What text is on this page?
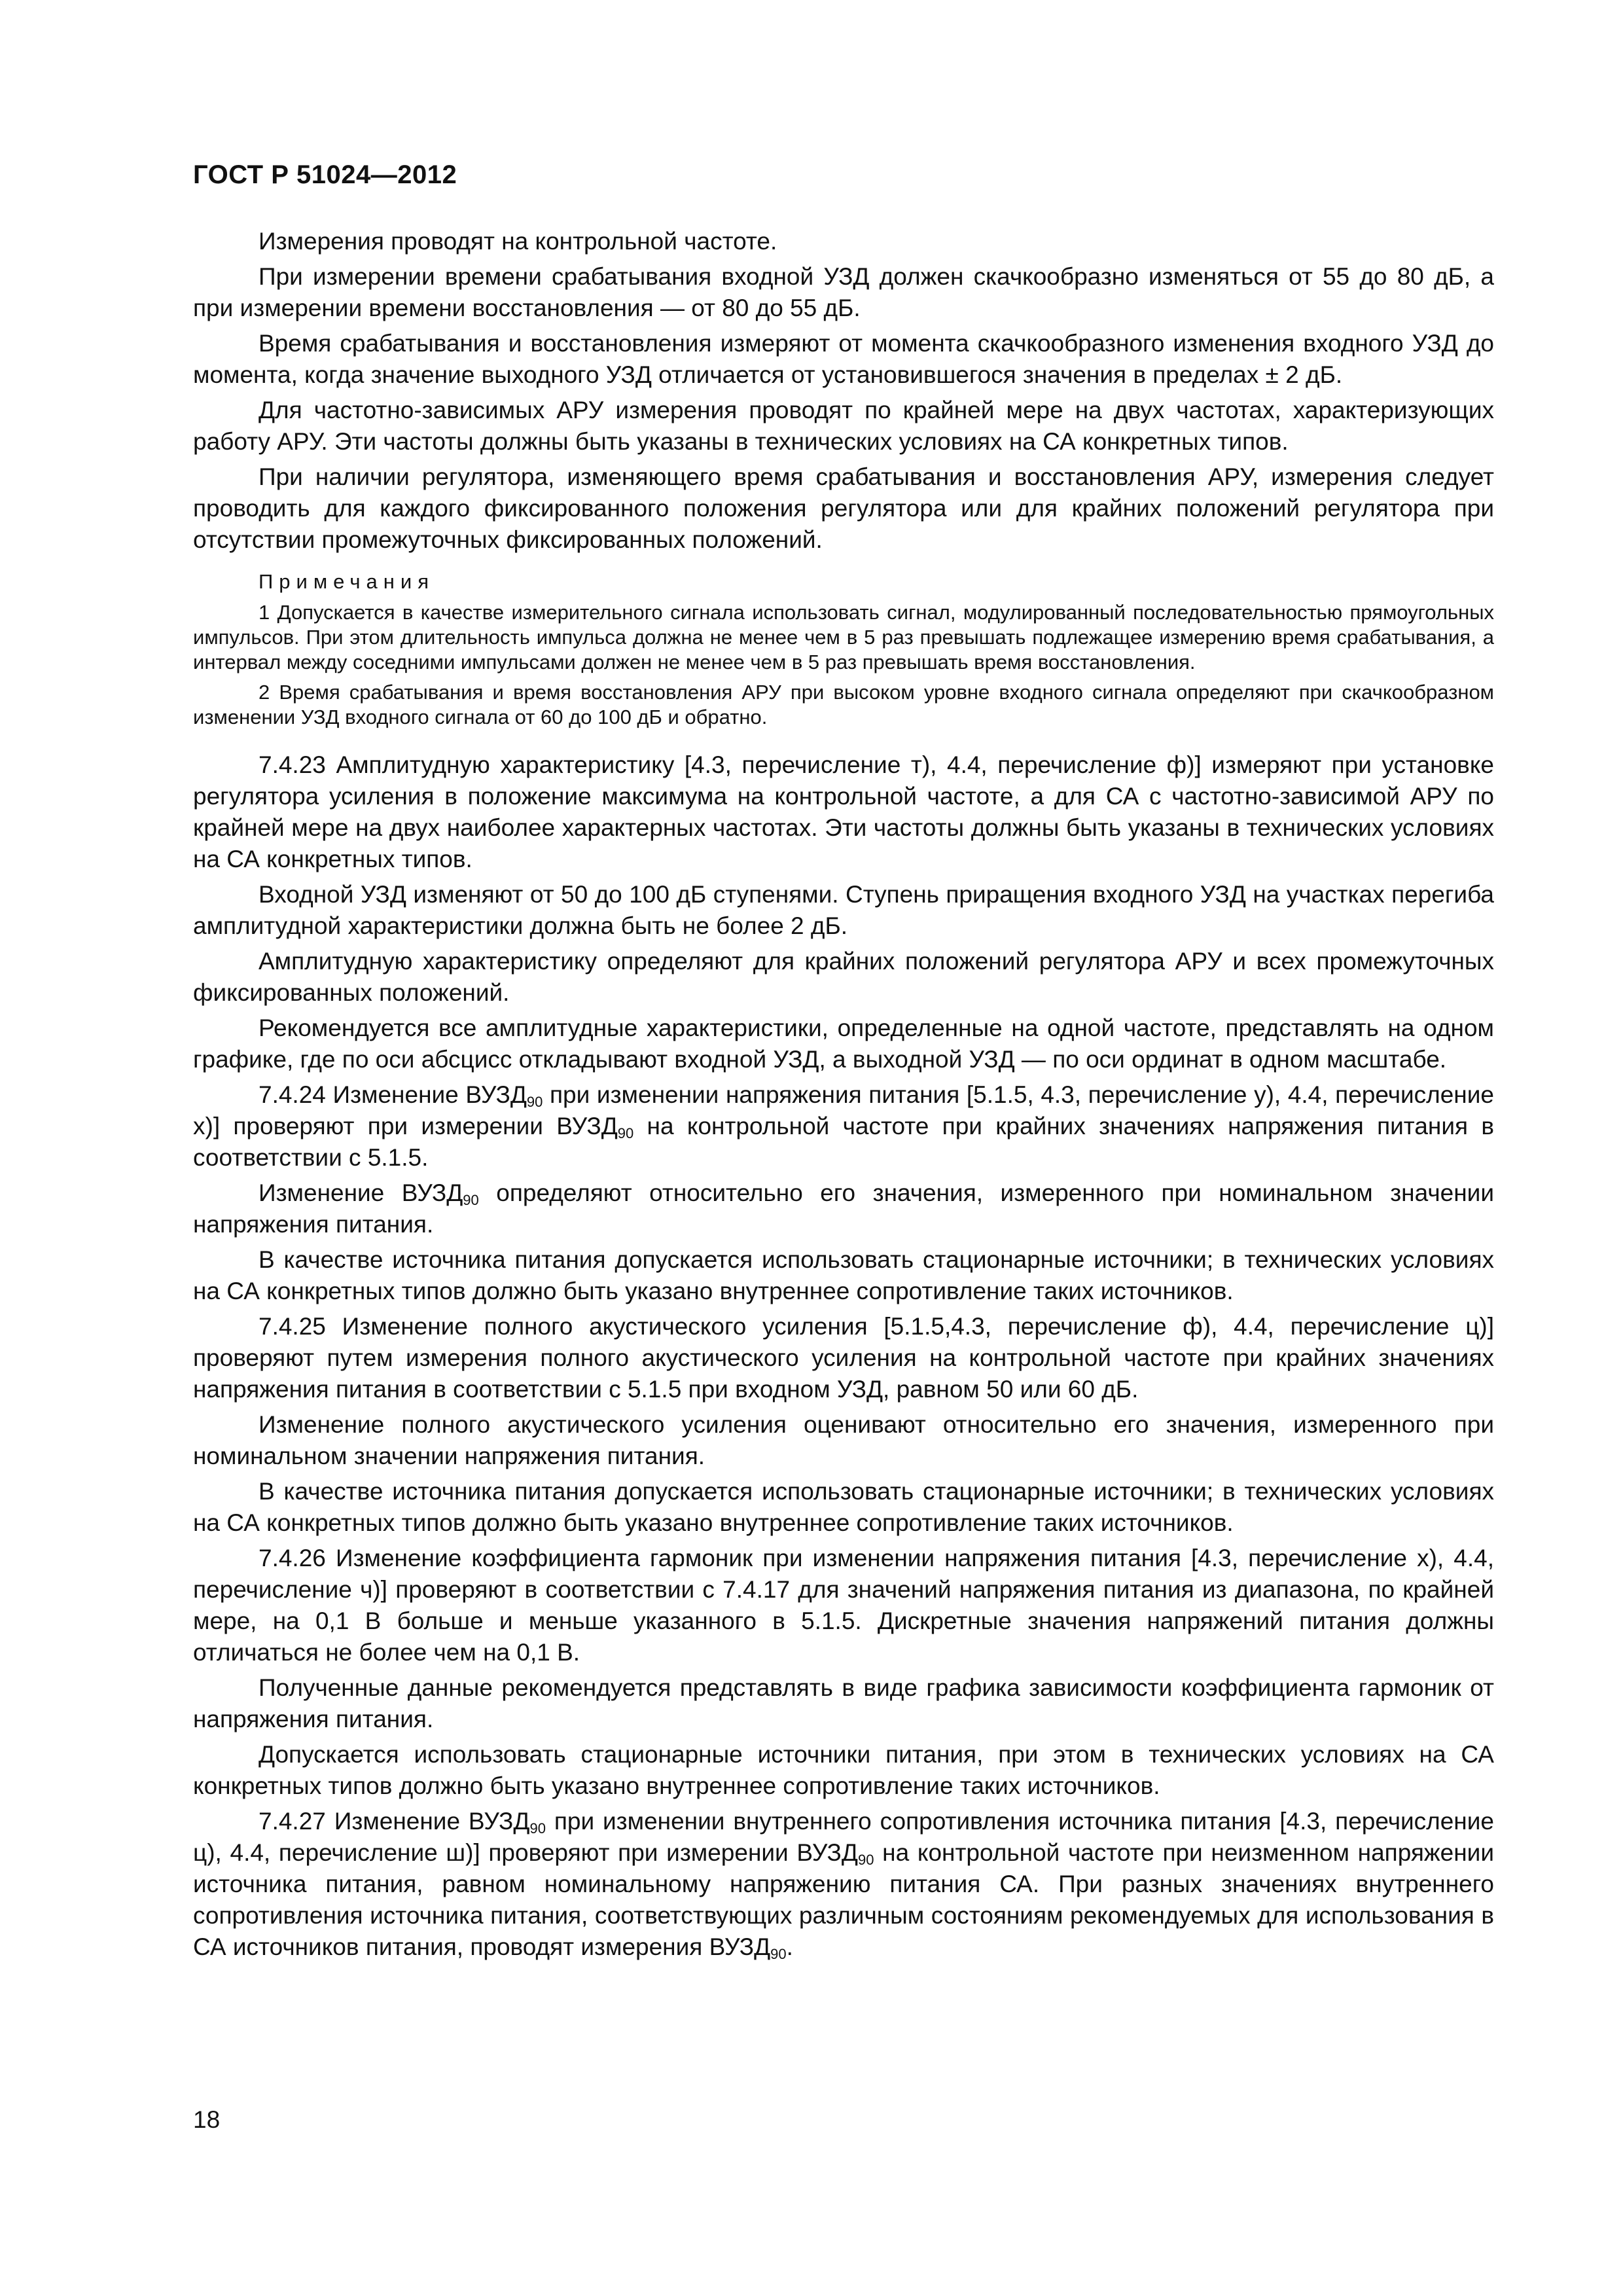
ГОСТ Р 51024—2012

Измерения проводят на контрольной частоте.

При измерении времени срабатывания входной УЗД должен скачкообразно изменяться от 55 до 80 дБ, а при измерении времени восстановления — от 80 до 55 дБ.

Время срабатывания и восстановления измеряют от момента скачкообразного изменения входного УЗД до момента, когда значение выходного УЗД отличается от установившегося значения в пределах ± 2 дБ.

Для частотно-зависимых АРУ измерения проводят по крайней мере на двух частотах, характеризующих работу АРУ. Эти частоты должны быть указаны в технических условиях на СА конкретных типов.

При наличии регулятора, изменяющего время срабатывания и восстановления АРУ, измерения следует проводить для каждого фиксированного положения регулятора или для крайних положений регулятора при отсутствии промежуточных фиксированных положений.

Примечания

1 Допускается в качестве измерительного сигнала использовать сигнал, модулированный последовательностью прямоугольных импульсов. При этом длительность импульса должна не менее чем в 5 раз превышать подлежащее измерению время срабатывания, а интервал между соседними импульсами должен не менее чем в 5 раз превышать время восстановления.

2 Время срабатывания и время восстановления АРУ при высоком уровне входного сигнала определяют при скачкообразном изменении УЗД входного сигнала от 60 до 100 дБ и обратно.

7.4.23 Амплитудную характеристику [4.3, перечисление т), 4.4, перечисление ф)] измеряют при установке регулятора усиления в положение максимума на контрольной частоте, а для СА с частотно-зависимой АРУ по крайней мере на двух наиболее характерных частотах. Эти частоты должны быть указаны в технических условиях на СА конкретных типов.

Входной УЗД изменяют от 50 до 100 дБ ступенями. Ступень приращения входного УЗД на участках перегиба амплитудной характеристики должна быть не более 2 дБ.

Амплитудную характеристику определяют для крайних положений регулятора АРУ и всех промежуточных фиксированных положений.

Рекомендуется все амплитудные характеристики, определенные на одной частоте, представлять на одном графике, где по оси абсцисс откладывают входной УЗД, а выходной УЗД — по оси ординат в одном масштабе.

7.4.24 Изменение $ВУЗД_{90}$ при изменении напряжения питания [5.1.5, 4.3, перечисление у), 4.4, перечисление х)] проверяют при измерении $ВУЗД_{90}$ на контрольной частоте при крайних значениях напряжения питания в соответствии с 5.1.5.

Изменение $ВУЗД_{90}$ определяют относительно его значения, измеренного при номинальном значении напряжения питания.

В качестве источника питания допускается использовать стационарные источники; в технических условиях на СА конкретных типов должно быть указано внутреннее сопротивление таких источников.

7.4.25 Изменение полного акустического усиления [5.1.5,4.3, перечисление ф), 4.4, перечисление ц)] проверяют путем измерения полного акустического усиления на контрольной частоте при крайних значениях напряжения питания в соответствии с 5.1.5 при входном УЗД, равном 50 или 60 дБ.

Изменение полного акустического усиления оценивают относительно его значения, измеренного при номинальном значении напряжения питания.

В качестве источника питания допускается использовать стационарные источники; в технических условиях на СА конкретных типов должно быть указано внутреннее сопротивление таких источников.

7.4.26 Изменение коэффициента гармоник при изменении напряжения питания [4.3, перечисление х), 4.4, перечисление ч)] проверяют в соответствии с 7.4.17 для значений напряжения питания из диапазона, по крайней мере, на 0,1 В больше и меньше указанного в 5.1.5. Дискретные значения напряжений питания должны отличаться не более чем на 0,1 В.

Полученные данные рекомендуется представлять в виде графика зависимости коэффициента гармоник от напряжения питания.

Допускается использовать стационарные источники питания, при этом в технических условиях на СА конкретных типов должно быть указано внутреннее сопротивление таких источников.

7.4.27 Изменение $ВУЗД_{90}$ при изменении внутреннего сопротивления источника питания [4.3, перечисление ц), 4.4, перечисление ш)] проверяют при измерении $ВУЗД_{90}$ на контрольной частоте при неизменном напряжении источника питания, равном номинальному напряжению питания СА. При разных значениях внутреннего сопротивления источника питания, соответствующих различным состояниям рекомендуемых для использования в СА источников питания, проводят измерения $ВУЗД_{90}$.

18
